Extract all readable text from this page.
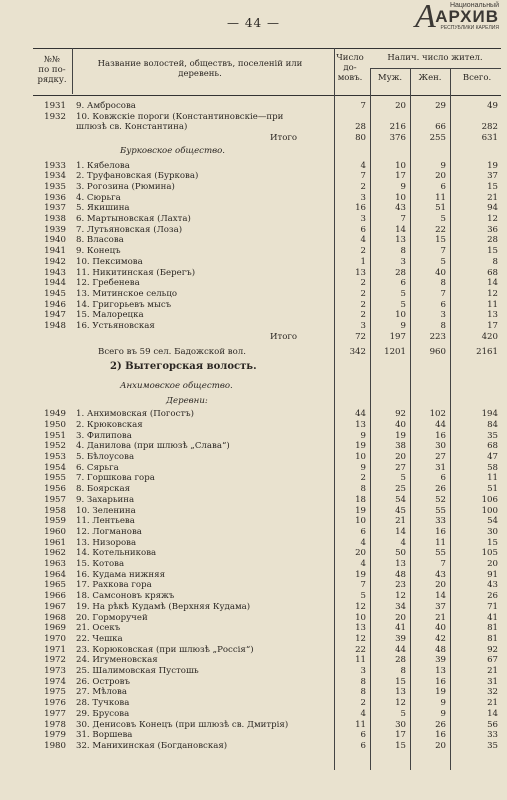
— 44 —	А	Национальный
АРХИВ
РЕСПУБЛИКИ КАРЕЛИЯ
№№
по по-
рядку.
Название волостей, обществъ, поселеній или
деревень.
Число
до-
мовъ.
Налич. число жител.
Муж.	Жен.	Всего.
1931 9. Амбросова	7	20	29	49
1932 10. Ковжскіе пороги (Константиновскіе—при
шлюзѣ св. Константина)	28	216	66	282
Итого	80	376	255	631
Бурковское общество.
1933 1. Кябелова	4	10	9	19
1934 2. Труфановская (Буркова)	7	17	20	37
1935 3. Рогозина (Рюмина)	2	9	6	15
1936 4. Сюрьга	3	10	11	21
1937 5. Якишина	16	43	51	94
1938 6. Мартыновская (Лахта)	3	7	5	12
1939 7. Лутьяновская (Лоза)	6	14	22	36
1940 8. Власова	4	13	15	28
1941 9. Конецъ	2	8	7	15
1942 10. Пексимова	1	3	5	8
1943 11. Никитинская (Берегъ)	13	28	40	68
1944 12. Гребенева	2	6	8	14
1945 13. Митинское сельцо	2	5	7	12
1946 14. Григорьевъ мысъ	2	5	6	11
1947 15. Малорецка	2	10	3	13
1948 16. Устьяновская	3	9	8	17
Итого	72	197	223	420
Всего въ 59 сел. Бадожской вол.	342	1201	960	2161
2) Вытегорская волость.
Анхимовское общество.
Деревни:
1949 1. Анхимовская (Погостъ)	44	92	102	194
1950 2. Крюковская	13	40	44	84
1951 3. Филипова	9	19	16	35
1952 4. Данилова (при шлюзѣ „Слава“)	19	38	30	68
1953 5. Бѣлоусова	10	20	27	47
1954 6. Сярьга	9	27	31	58
1955 7. Горшкова гора	2	5	6	11
1956 8. Боярская	8	25	26	51
1957 9. Захарьина	18	54	52	106
1958 10. Зеленина	19	45	55	100
1959 11. Лентьева	10	21	33	54
1960 12. Логманова	6	14	16	30
1961 13. Низорова	4	4	11	15
1962 14. Котельникова	20	50	55	105
1963 15. Котова	4	13	7	20
1964 16. Кудама нижняя	19	48	43	91
1965 17. Рахкова гора	7	23	20	43
1966 18. Самсоновъ кряжъ	5	12	14	26
1967 19. На рѣкѣ Кудамѣ (Верхняя Кудама)	12	34	37	71
1968 20. Горморучей	10	20	21	41
1969 21. Осекъ	13	41	40	81
1970 22. Чешка	12	39	42	81
1971 23. Корюковская (при шлюзѣ „Россія“)	22	44	48	92
1972 24. Игуменовская	11	28	39	67
1973 25. Шалимовская Пустошь	3	8	13	21
1974 26. Островъ	8	15	16	31
1975 27. Мѣлова	8	13	19	32
1976 28. Тучкова	2	12	9	21
1977 29. Брусова	4	5	9	14
1978 30. Денисовъ Конецъ (при шлюзѣ св. Дмитрія)	11	30	26	56
1979 31. Воршева	6	17	16	33
1980 32. Манихинская (Богдановская)	6	15	20	35
